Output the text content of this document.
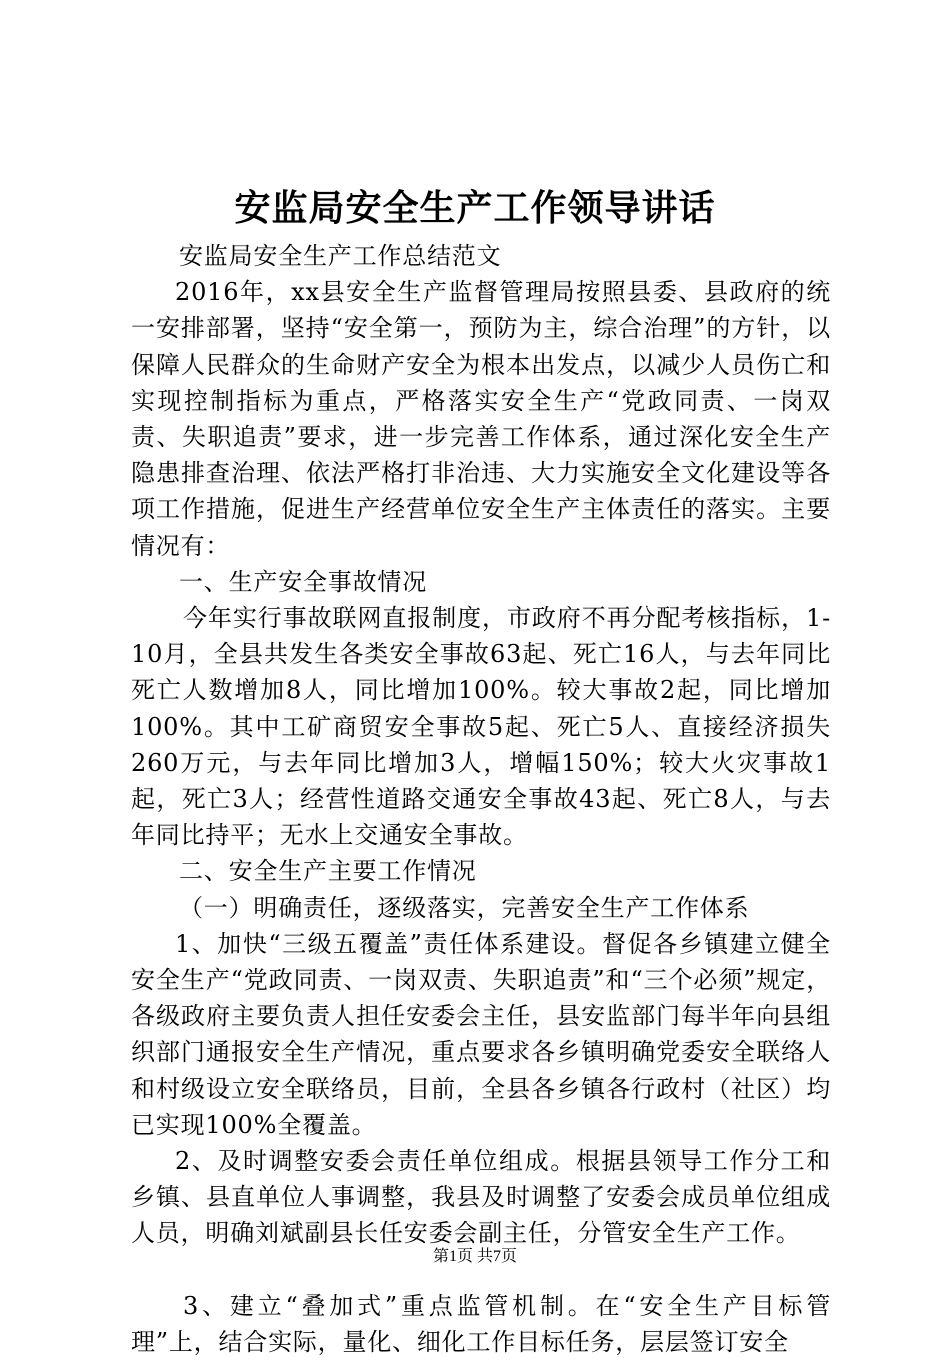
安监局安全生产工作领导讲话

安监局安全生产工作总结范文

2016年，xx县安全生产监督管理局按照县委、县政府的统一安排部署，坚持“安全第一，预防为主，综合治理”的方针，以保障人民群众的生命财产安全为根本出发点，以减少人员伤亡和实现控制指标为重点，严格落实安全生产“党政同责、一岗双责、失职追责”要求，进一步完善工作体系，通过深化安全生产隐患排查治理、依法严格打非治违、大力实施安全文化建设等各项工作措施，促进生产经营单位安全生产主体责任的落实。主要情况有：

一、生产安全事故情况

今年实行事故联网直报制度，市政府不再分配考核指标，1-10月，全县共发生各类安全事故63起、死亡16人，与去年同比死亡人数增加8人，同比增加100%。较大事故2起，同比增加100%。其中工矿商贸安全事故5起、死亡5人、直接经济损失260万元，与去年同比增加3人，增幅150%；较大火灾事故1起，死亡3人；经营性道路交通安全事故43起、死亡8人，与去年同比持平；无水上交通安全事故。

二、安全生产主要工作情况

（一）明确责任，逐级落实，完善安全生产工作体系

1、加快“三级五覆盖”责任体系建设。督促各乡镇建立健全安全生产“党政同责、一岗双责、失职追责”和“三个必须”规定，各级政府主要负责人担任安委会主任，县安监部门每半年向县组织部门通报安全生产情况，重点要求各乡镇明确党委安全联络人和村级设立安全联络员，目前，全县各乡镇各行政村（社区）均已实现100%全覆盖。

2、及时调整安委会责任单位组成。根据县领导工作分工和乡镇、县直单位人事调整，我县及时调整了安委会成员单位组成人员，明确刘斌副县长任安委会副主任，分管安全生产工作。

3、建立“叠加式”重点监管机制。在“安全生产目标管理”上，结合实际，量化、细化工作目标任务，层层签订安全

第1页 共7页
